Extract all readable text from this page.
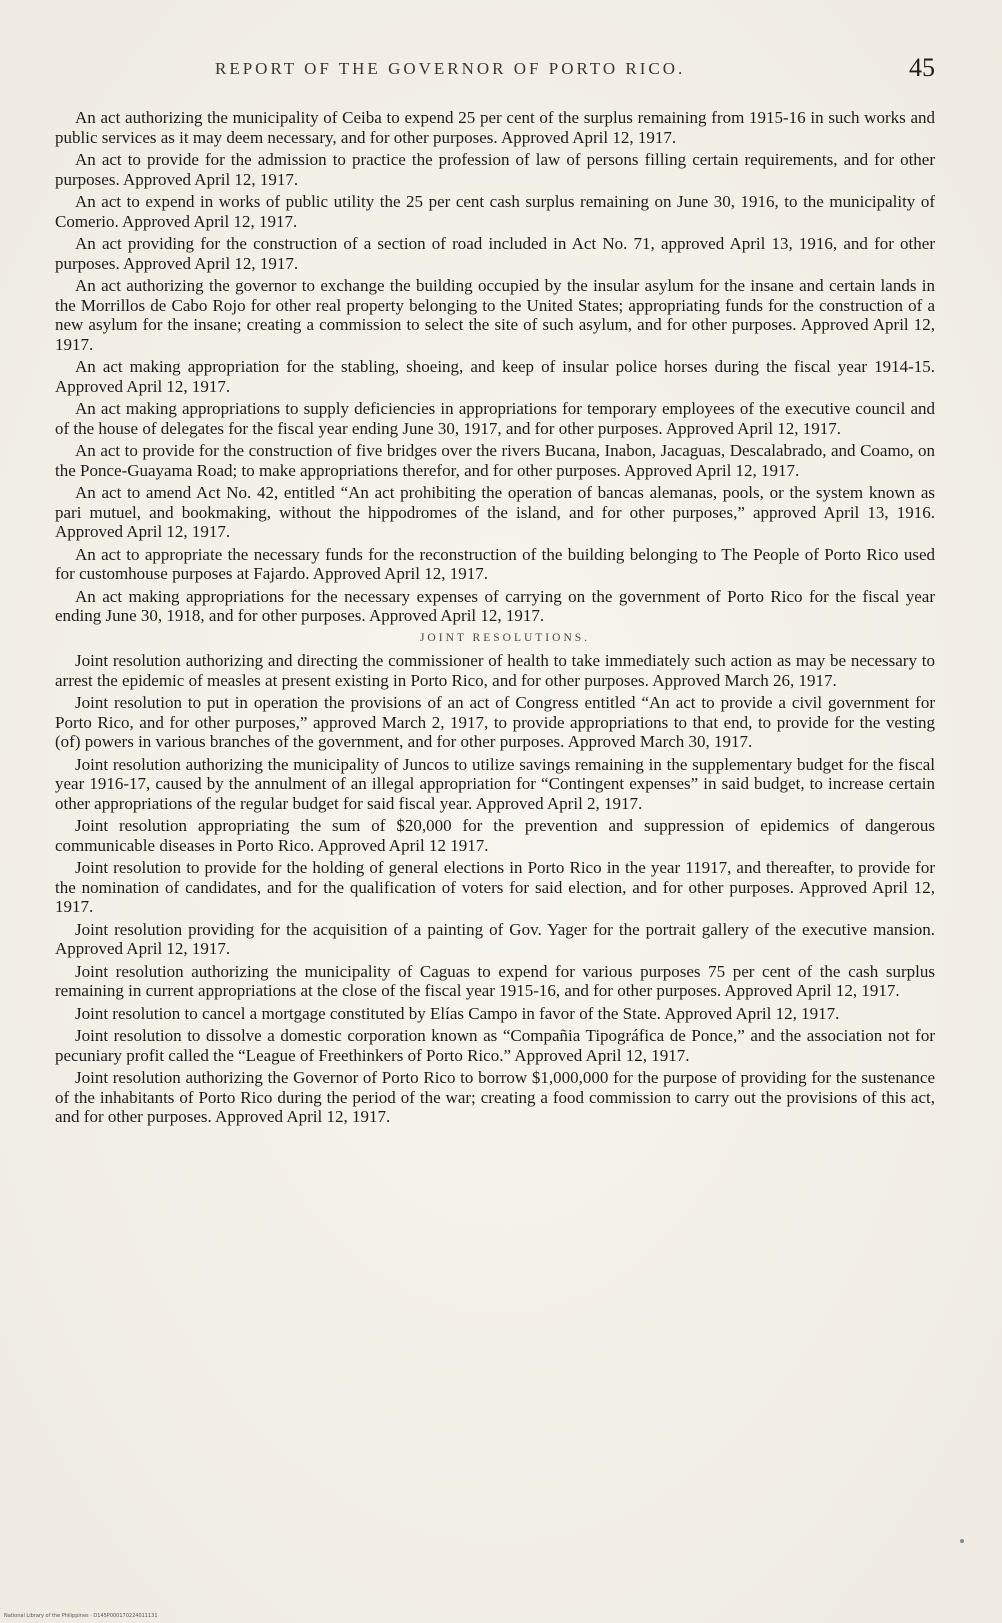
REPORT OF THE GOVERNOR OF PORTO RICO.	45

An act authorizing the municipality of Ceiba to expend 25 per cent of the surplus remaining from 1915-16 in such works and public services as it may deem necessary, and for other purposes. Approved April 12, 1917.

An act to provide for the admission to practice the profession of law of persons filling certain requirements, and for other purposes. Approved April 12, 1917.

An act to expend in works of public utility the 25 per cent cash surplus remaining on June 30, 1916, to the municipality of Comerio. Approved April 12, 1917.

An act providing for the construction of a section of road included in Act No. 71, approved April 13, 1916, and for other purposes. Approved April 12, 1917.

An act authorizing the governor to exchange the building occupied by the insular asylum for the insane and certain lands in the Morrillos de Cabo Rojo for other real property belonging to the United States; appropriating funds for the construction of a new asylum for the insane; creating a commission to select the site of such asylum, and for other purposes. Approved April 12, 1917.

An act making appropriation for the stabling, shoeing, and keep of insular police horses during the fiscal year 1914-15. Approved April 12, 1917.

An act making appropriations to supply deficiencies in appropriations for temporary employees of the executive council and of the house of delegates for the fiscal year ending June 30, 1917, and for other purposes. Approved April 12, 1917.

An act to provide for the construction of five bridges over the rivers Bucana, Inabon, Jacaguas, Descalabrado, and Coamo, on the Ponce-Guayama Road; to make appropriations therefor, and for other purposes. Approved April 12, 1917.

An act to amend Act No. 42, entitled “An act prohibiting the operation of bancas alemanas, pools, or the system known as pari mutuel, and bookmaking, without the hippodromes of the island, and for other purposes,” approved April 13, 1916. Approved April 12, 1917.

An act to appropriate the necessary funds for the reconstruction of the building belonging to The People of Porto Rico used for customhouse purposes at Fajardo. Approved April 12, 1917.

An act making appropriations for the necessary expenses of carrying on the government of Porto Rico for the fiscal year ending June 30, 1918, and for other purposes. Approved April 12, 1917.

JOINT RESOLUTIONS.

Joint resolution authorizing and directing the commissioner of health to take immediately such action as may be necessary to arrest the epidemic of measles at present existing in Porto Rico, and for other purposes. Approved March 26, 1917.

Joint resolution to put in operation the provisions of an act of Congress entitled “An act to provide a civil government for Porto Rico, and for other purposes,” approved March 2, 1917, to provide appropriations to that end, to provide for the vesting (of) powers in various branches of the government, and for other purposes. Approved March 30, 1917.

Joint resolution authorizing the municipality of Juncos to utilize savings remaining in the supplementary budget for the fiscal year 1916-17, caused by the annulment of an illegal appropriation for “Contingent expenses” in said budget, to increase certain other appropriations of the regular budget for said fiscal year. Approved April 2, 1917.

Joint resolution appropriating the sum of $20,000 for the prevention and suppression of epidemics of dangerous communicable diseases in Porto Rico. Approved April 12 1917.

Joint resolution to provide for the holding of general elections in Porto Rico in the year 11917, and thereafter, to provide for the nomination of candidates, and for the qualification of voters for said election, and for other purposes. Approved April 12, 1917.

Joint resolution providing for the acquisition of a painting of Gov. Yager for the portrait gallery of the executive mansion. Approved April 12, 1917.

Joint resolution authorizing the municipality of Caguas to expend for various purposes 75 per cent of the cash surplus remaining in current appropriations at the close of the fiscal year 1915-16, and for other purposes. Approved April 12, 1917.

Joint resolution to cancel a mortgage constituted by Elías Campo in favor of the State. Approved April 12, 1917.

Joint resolution to dissolve a domestic corporation known as “Compañia Tipográfica de Ponce,” and the association not for pecuniary profit called the “League of Freethinkers of Porto Rico.” Approved April 12, 1917.

Joint resolution authorizing the Governor of Porto Rico to borrow $1,000,000 for the purpose of providing for the sustenance of the inhabitants of Porto Rico during the period of the war; creating a food commission to carry out the provisions of this act, and for other purposes. Approved April 12, 1917.

National Library of the Philippines · D145P000170224011131
